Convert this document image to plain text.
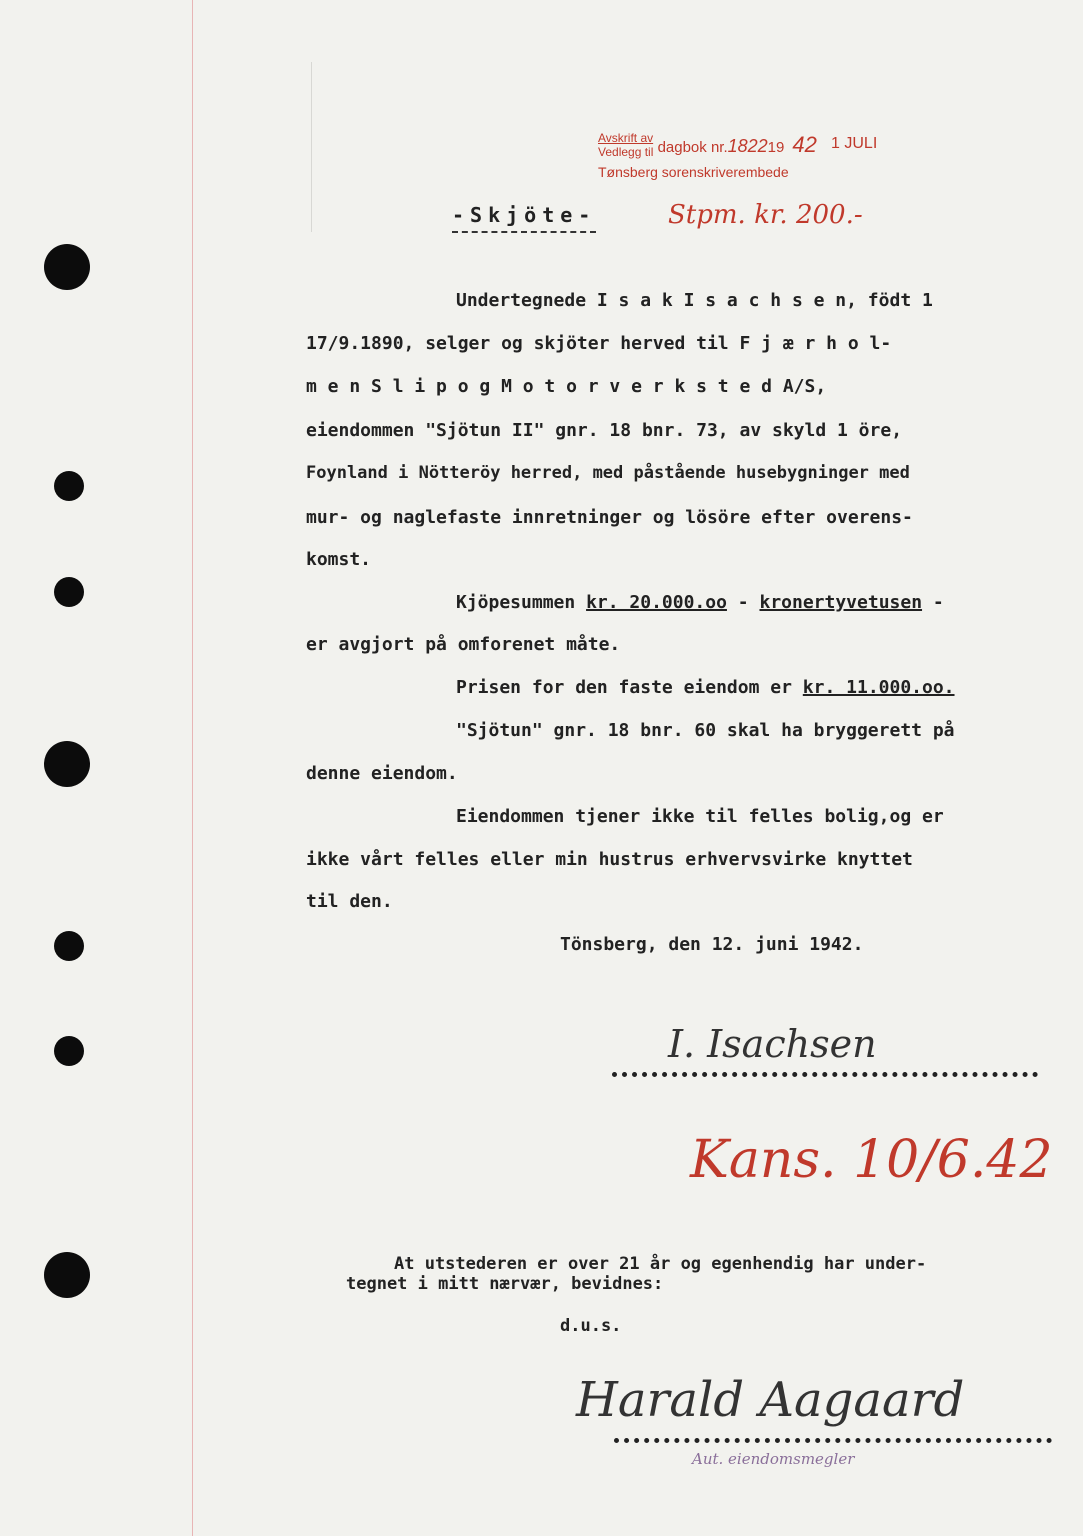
Avskrift av
Vedlegg til dagbok nr.182219 42 1 JULI
Tønsberg sorenskriverembede
Stpm. kr. 200.-
-Skjöte-
Undertegnede I s a k I s a c h s e n, födt 1
17/9.1890, selger og skjöter herved til F j æ r h o l-
m e n S l i p o g M o t o r v e r k s t e d A/S,
eiendommen "Sjötun II" gnr. 18 bnr. 73, av skyld 1 öre,
Foynland i Nötteröy herred, med påstående husebygninger med
mur- og naglefaste innretninger og lösöre efter overens-
komst.
Kjöpesummen kr. 20.000.oo - kronertyvetusen -
er avgjort på omforenet måte.
Prisen for den faste eiendom er kr. 11.000.oo.
"Sjötun" gnr. 18 bnr. 60 skal ha bryggerett på
denne eiendom.
Eiendommen tjener ikke til felles bolig,og er
ikke vårt felles eller min hustrus erhvervsvirke knyttet
til den.
Tönsberg, den 12. juni 1942.
I. Isachsen
Kans. 10/6.42
At utstederen er over 21 år og egenhendig har under-
tegnet i mitt nærvær, bevidnes:
d.u.s.
Harald Aagaard
Aut. eiendomsmegler
